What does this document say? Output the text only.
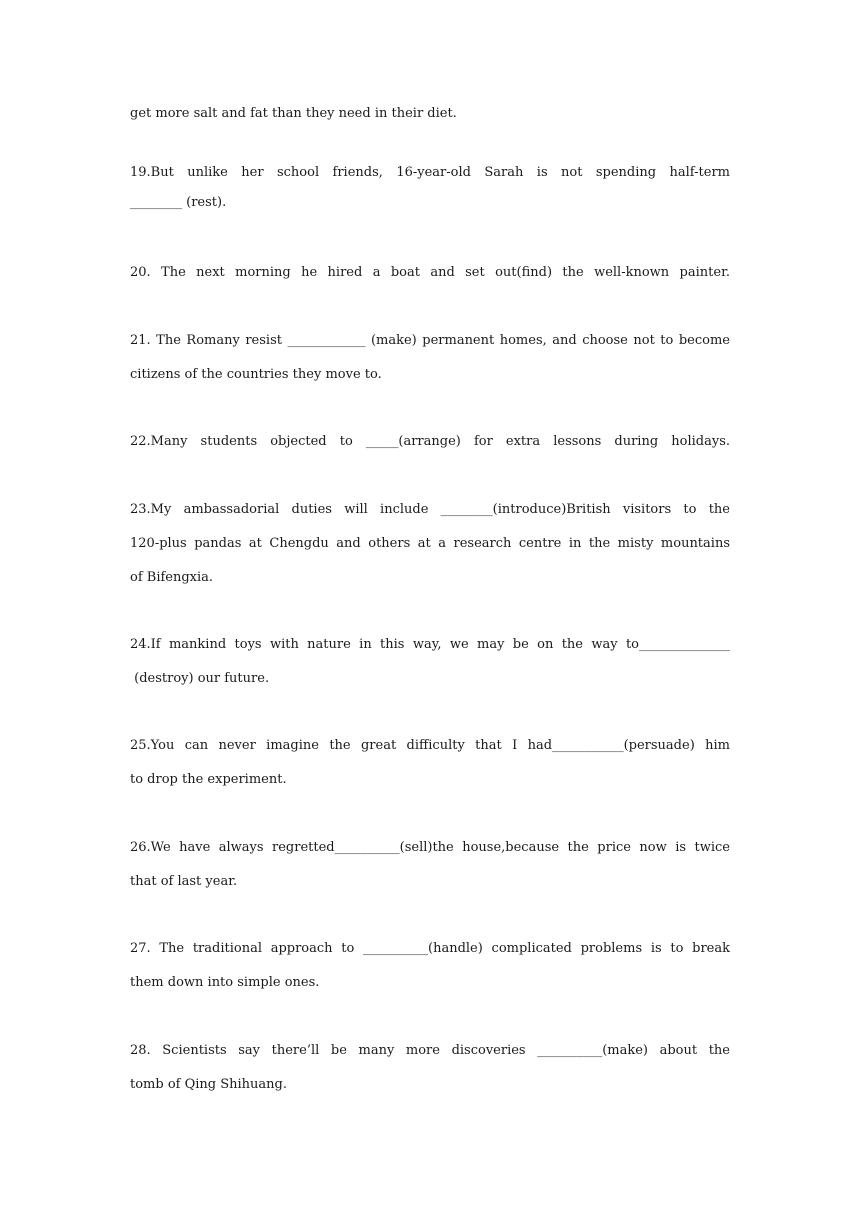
get more salt and fat than they need in their diet.
19.But unlike her school friends, 16-year-old Sarah is not spending half-term
________ (rest).
20. The next morning he hired a boat and set out(find) the well-known painter.
21. The Romany resist ____________ (make) permanent homes, and choose not to become
citizens of the countries they move to.
22.Many students objected to _____(arrange) for extra lessons during holidays.
23.My ambassadorial duties will include ________(introduce)British visitors to the
120-plus pandas at Chengdu and others at a research centre in the misty mountains
of Bifengxia.
24.If mankind toys with nature in this way, we may be on the way to______________
(destroy) our future.
25.You can never imagine the great difficulty that I had___________(persuade) him
to drop the experiment.
26.We have always regretted__________(sell)the house,because the price now is twice
that of last year.
27. The traditional approach to __________(handle) complicated problems is to break
them down into simple ones.
28. Scientists say there’ll be many more discoveries __________(make) about the
tomb of Qing Shihuang.
